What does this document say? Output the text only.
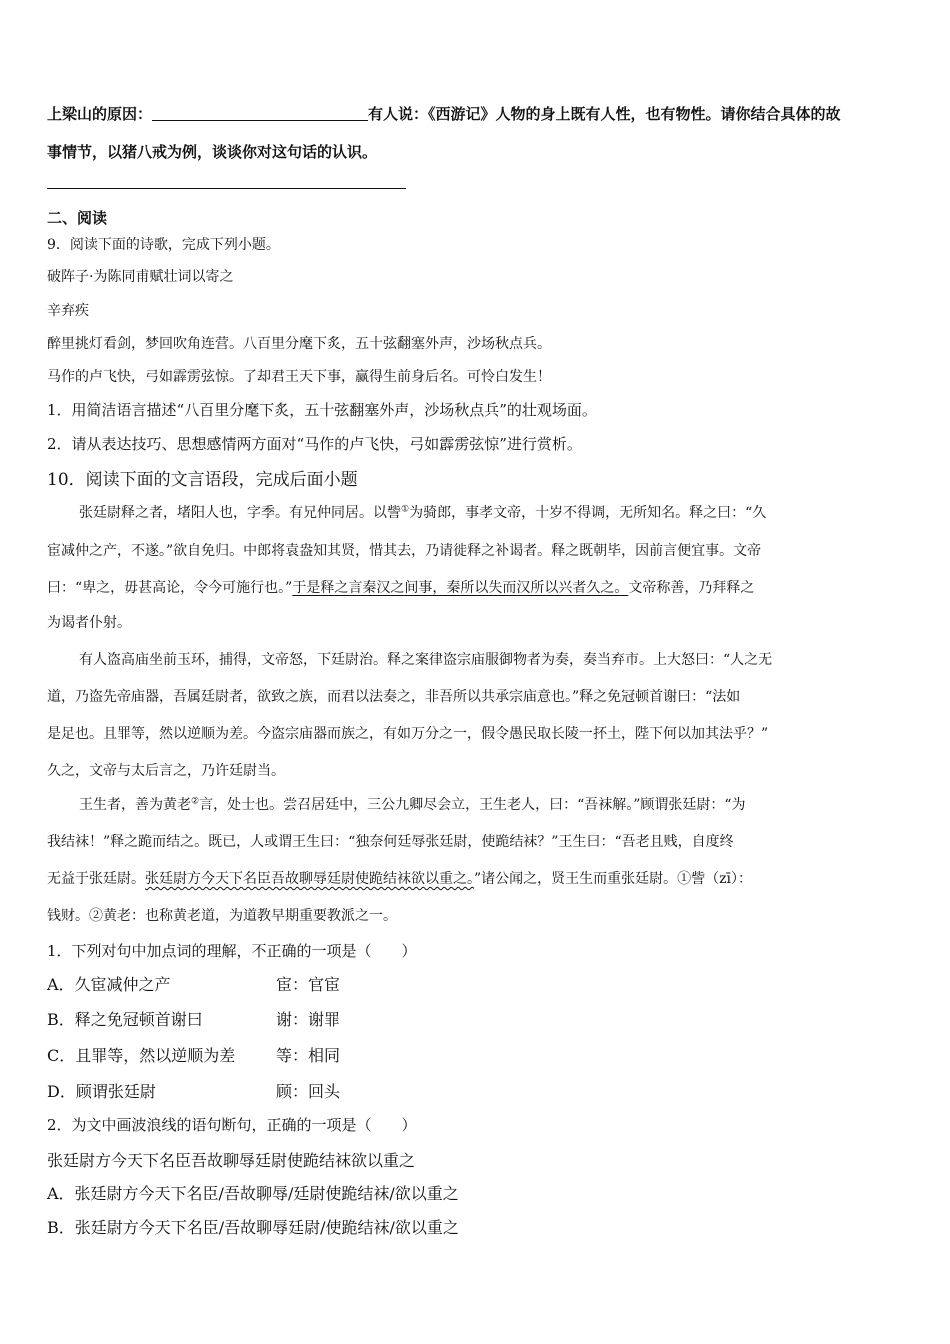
上梁山的原因：	有人说：《西游记》人物的身上既有人性，也有物性。请你结合具体的故
事情节，以猪八戒为例，谈谈你对这句话的认识。
二、阅读
9．阅读下面的诗歌，完成下列小题。
破阵子·为陈同甫赋壮词以寄之
辛弃疾
醉里挑灯看剑，梦回吹角连营。八百里分麾下炙，五十弦翻塞外声，沙场秋点兵。
马作的卢飞快，弓如霹雳弦惊。了却君王天下事，赢得生前身后名。可怜白发生！
1．用简洁语言描述“八百里分麾下炙，五十弦翻塞外声，沙场秋点兵”的壮观场面。
2．请从表达技巧、思想感情两方面对“马作的卢飞快，弓如霹雳弦惊”进行赏析。
10．阅读下面的文言语段，完成后面小题
张廷尉释之者，堵阳人也，字季。有兄仲同居。以訾①为骑郎，事孝文帝，十岁不得调，无所知名。释之曰：“久
宦减仲之产，不遂。”欲自免归。中郎将袁盎知其贤，惜其去，乃请徙释之补谒者。释之既朝毕，因前言便宜事。文帝
曰：“卑之，毋甚高论，令今可施行也。”于是释之言秦汉之间事，秦所以失而汉所以兴者久之。文帝称善，乃拜释之
为谒者仆射。
有人盗高庙坐前玉环，捕得，文帝怒，下廷尉治。释之案律盗宗庙服御物者为奏，奏当弃市。上大怒曰：“人之无
道，乃盗先帝庙器，吾属廷尉者，欲致之族，而君以法奏之，非吾所以共承宗庙意也。”释之免冠顿首谢曰：“法如
是足也。且罪等，然以逆顺为差。今盗宗庙器而族之，有如万分之一，假令愚民取长陵一抔土，陛下何以加其法乎？”
久之，文帝与太后言之，乃许廷尉当。
王生者，善为黄老②言，处士也。尝召居廷中，三公九卿尽会立，王生老人，曰：“吾袜解。”顾谓张廷尉：“为
我结袜！”释之跪而结之。既已，人或谓王生曰：“独奈何廷辱张廷尉，使跪结袜？”王生曰：“吾老且贱，自度终
无益于张廷尉。张廷尉方今天下名臣吾故聊辱廷尉使跪结袜欲以重之。”诸公闻之，贤王生而重张廷尉。①訾（zī）：
钱财。②黄老：也称黄老道，为道教早期重要教派之一。
1．下列对句中加点词的理解，不正确的一项是（　　）
A．久宦减仲之产	宦：官宦
B．释之免冠顿首谢曰	谢：谢罪
C．且罪等，然以逆顺为差	等：相同
D．顾谓张廷尉	顾：回头
2．为文中画波浪线的语句断句，正确的一项是（　　）
张廷尉方今天下名臣吾故聊辱廷尉使跪结袜欲以重之
A．张廷尉方今天下名臣/吾故聊辱/廷尉使跪结袜/欲以重之
B．张廷尉方今天下名臣/吾故聊辱廷尉/使跪结袜/欲以重之
